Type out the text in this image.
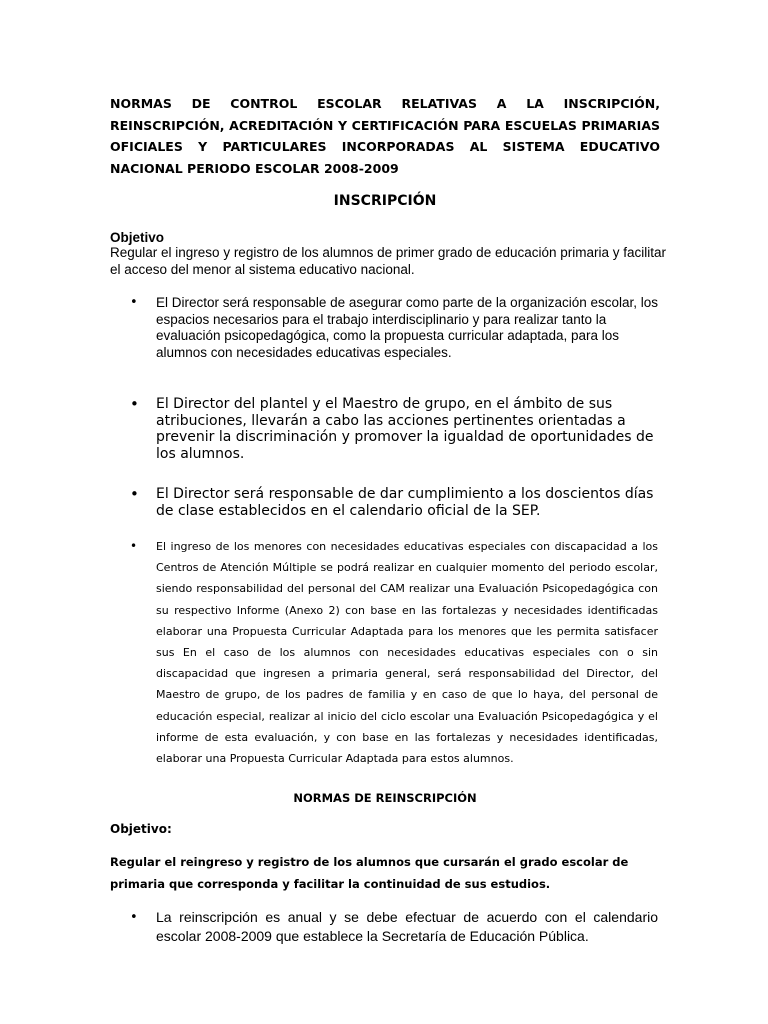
NORMAS DE CONTROL ESCOLAR RELATIVAS A LA INSCRIPCIÓN, REINSCRIPCIÓN, ACREDITACIÓN Y CERTIFICACIÓN PARA ESCUELAS PRIMARIAS OFICIALES Y PARTICULARES INCORPORADAS AL SISTEMA EDUCATIVO NACIONAL PERIODO ESCOLAR 2008-2009

INSCRIPCIÓN

Objetivo

Regular el ingreso y registro de los alumnos de primer grado de educación primaria y facilitar el acceso del menor al sistema educativo nacional.

• El Director será responsable de asegurar como parte de la organización escolar, los espacios necesarios para el trabajo interdisciplinario y para realizar tanto la evaluación psicopedagógica, como la propuesta curricular adaptada, para los alumnos con necesidades educativas especiales.

• El Director del plantel y el Maestro de grupo, en el ámbito de sus atribuciones, llevarán a cabo las acciones pertinentes orientadas a prevenir la discriminación y promover la igualdad de oportunidades de los alumnos.

• El Director será responsable de dar cumplimiento a los doscientos días de clase establecidos en el calendario oficial de la SEP.

• El ingreso de los menores con necesidades educativas especiales con discapacidad a los Centros de Atención Múltiple se podrá realizar en cualquier momento del periodo escolar, siendo responsabilidad del personal del CAM realizar una Evaluación Psicopedagógica con su respectivo Informe (Anexo 2) con base en las fortalezas y necesidades identificadas elaborar una Propuesta Curricular Adaptada para los menores que les permita satisfacer sus En el caso de los alumnos con necesidades educativas especiales con o sin discapacidad que ingresen a primaria general, será responsabilidad del Director, del Maestro de grupo, de los padres de familia y en caso de que lo haya, del personal de educación especial, realizar al inicio del ciclo escolar una Evaluación Psicopedagógica y el informe de esta evaluación, y con base en las fortalezas y necesidades identificadas, elaborar una Propuesta Curricular Adaptada para estos alumnos.

NORMAS DE REINSCRIPCIÓN

Objetivo:

Regular el reingreso y registro de los alumnos que cursarán el grado escolar de primaria que corresponda y facilitar la continuidad de sus estudios.

• La reinscripción es anual y se debe efectuar de acuerdo con el calendario escolar 2008-2009 que establece la Secretaría de Educación Pública.
